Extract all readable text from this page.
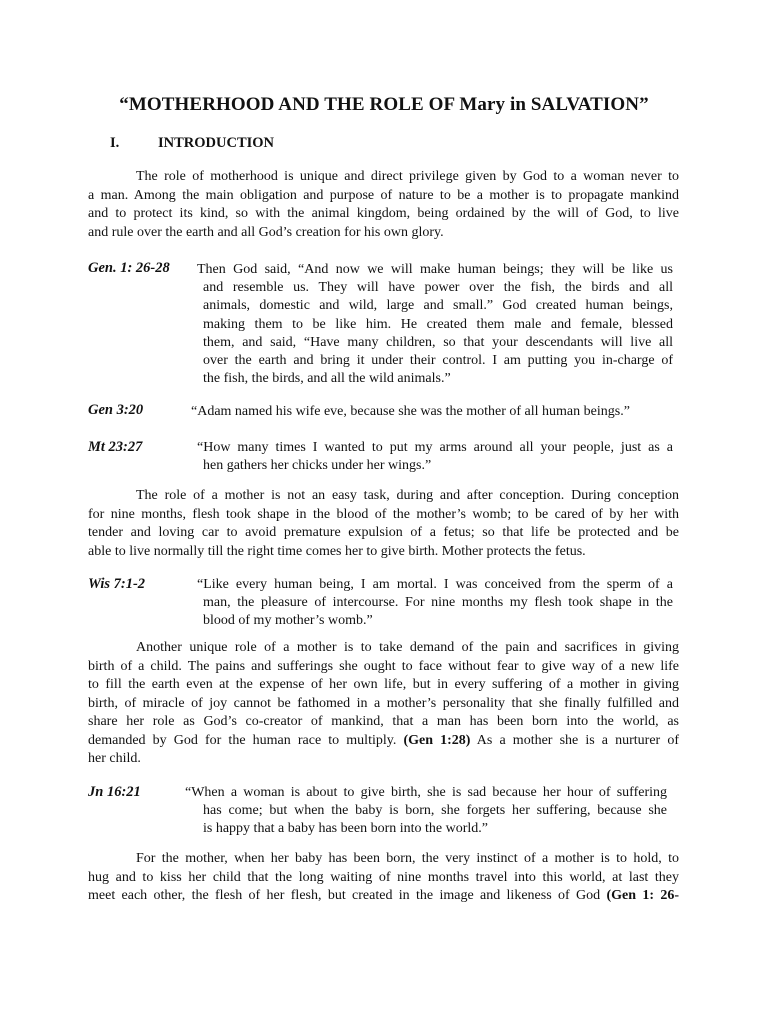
“MOTHERHOOD AND THE ROLE OF Mary in SALVATION”
I.	INTRODUCTION
The role of motherhood is unique and direct privilege given by God to a woman never to
a man. Among the main obligation and purpose of nature to be a mother is to propagate mankind
and to protect its kind, so with the animal kingdom, being ordained by the will of God, to live
and rule over the earth and all God’s creation for his own glory.
Gen. 1: 26-28 Then God said, “And now we will make human beings; they will be like us
and resemble us. They will have power over the fish, the birds and all
animals, domestic and wild, large and small.” God created human beings,
making them to be like him. He created them male and female, blessed
them, and said, “Have many children, so that your descendants will live all
over the earth and bring it under their control. I am putting you in-charge of
the fish, the birds, and all the wild animals.”
Gen 3:20	“Adam named his wife eve, because she was the mother of all human beings.”
Mt 23:27	“How many times I wanted to put my arms around all your people, just as a
hen gathers her chicks under her wings.”
The role of a mother is not an easy task, during and after conception. During conception
for nine months, flesh took shape in the blood of the mother’s womb; to be cared of by her with
tender and loving car to avoid premature expulsion of a fetus; so that life be protected and be
able to live normally till the right time comes her to give birth. Mother protects the fetus.
Wis 7:1-2	“Like every human being, I am mortal. I was conceived from the sperm of a
man, the pleasure of intercourse. For nine months my flesh took shape in the
blood of my mother’s womb.”
Another unique role of a mother is to take demand of the pain and sacrifices in giving
birth of a child. The pains and sufferings she ought to face without fear to give way of a new life
to fill the earth even at the expense of her own life, but in every suffering of a mother in giving
birth, of miracle of joy cannot be fathomed in a mother’s personality that she finally fulfilled and
share her role as God’s co-creator of mankind, that a man has been born into the world, as
demanded by God for the human race to multiply. (Gen 1:28) As a mother she is a nurturer of
her child.
Jn 16:21	“When a woman is about to give birth, she is sad because her hour of suffering
has come; but when the baby is born, she forgets her suffering, because she
is happy that a baby has been born into the world.”
For the mother, when her baby has been born, the very instinct of a mother is to hold, to
hug and to kiss her child that the long waiting of nine months travel into this world, at last they
meet each other, the flesh of her flesh, but created in the image and likeness of God (Gen 1: 26-
